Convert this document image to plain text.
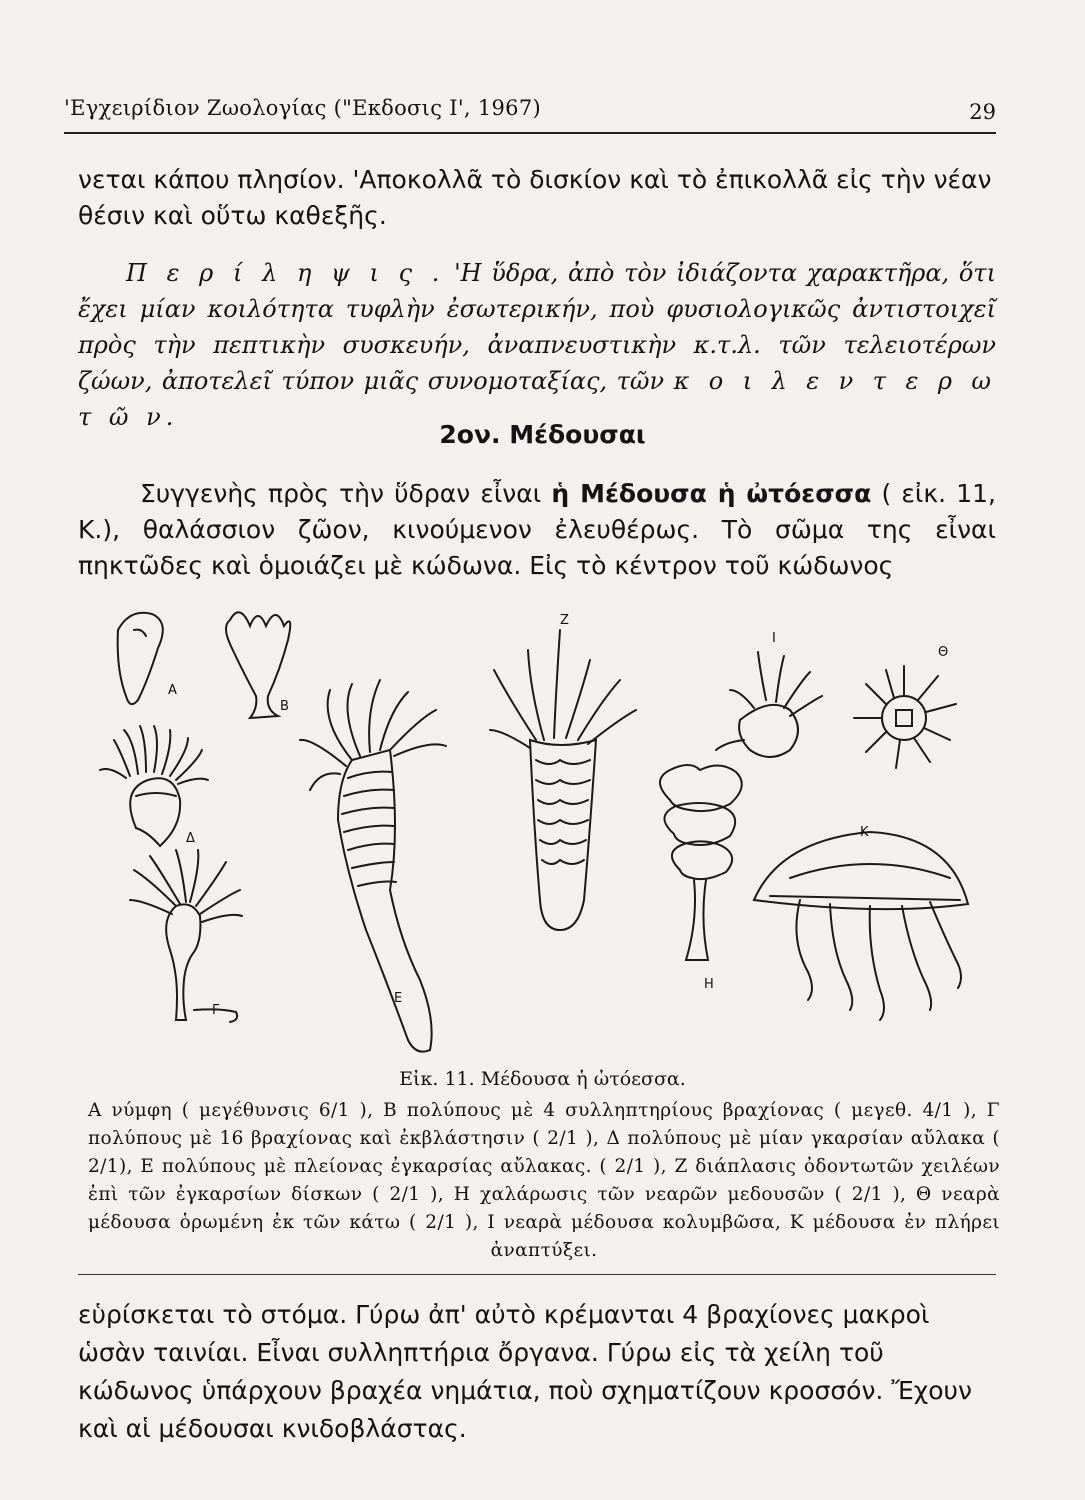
'Εγχειρίδιον Ζωολογίας ("Εκδοσις Ι', 1967)	29

νεται κάπου πλησίον. 'Αποκολλᾶ τὸ δισκίον καὶ τὸ ἐπικολλᾶ εἰς τὴν νέαν θέσιν καὶ οὕτω καθεξῆς.

Π ε ρ ί λ η ψ ι ς . 'Η ὕδρα, ἀπὸ τὸν ἰδιάζοντα χαρακτῆρα, ὅτι ἔχει μίαν κοιλότητα τυφλὴν ἐσωτερικήν, ποὺ φυσιολογικῶς ἀντιστοιχεῖ πρὸς τὴν πεπτικὴν συσκευήν, ἀναπνευστικὴν κ.τ.λ. τῶν τελειοτέρων ζώων, ἀποτελεῖ τύπον μιᾶς συνομοταξίας, τῶν κ ο ι λ ε ν τ ε ρ ω τ ῶ ν.

2ον. Μέδουσαι

Συγγενὴς πρὸς τὴν ὕδραν εἶναι ἡ Μέδουσα ἡ ὠτόεσσα ( εἰκ. 11, Κ.), θαλάσσιον ζῶον, κινούμενον ἐλευθέρως. Τὸ σῶμα της εἶναι πηκτῶδες καὶ ὁμοιάζει μὲ κώδωνα. Εἰς τὸ κέντρον τοῦ κώδωνος

Α
Β
Δ
Γ
Ε
Ζ
Η
Ι
Θ
Κ
Εἰκ. 11. Μέδουσα ἡ ὠτόεσσα.

Α νύμφη ( μεγέθυνσις 6/1 ), Β πολύπους μὲ 4 συλληπτηρίους βραχίονας ( μεγεθ. 4/1 ), Γ πολύπους μὲ 16 βραχίονας καὶ ἐκβλάστησιν ( 2/1 ), Δ πολύπους μὲ μίαν γκαρσίαν αὔλακα ( 2/1), Ε πολύπους μὲ πλείονας ἐγκαρσίας αὔλακας. ( 2/1 ), Ζ διάπλασις ὀδοντωτῶν χειλέων ἐπὶ τῶν ἐγκαρσίων δίσκων ( 2/1 ), Η χαλάρωσις τῶν νεαρῶν μεδουσῶν ( 2/1 ), Θ νεαρὰ μέδουσα ὁρωμένη ἐκ τῶν κάτω ( 2/1 ), Ι νεαρὰ μέδουσα κολυμβῶσα, Κ μέδουσα ἐν πλήρει ἀναπτύξει.

εὑρίσκεται τὸ στόμα. Γύρω ἀπ' αὐτὸ κρέμανται 4 βραχίονες μακροὶ ὡσὰν ταινίαι. Εἶναι συλληπτήρια ὄργανα. Γύρω εἰς τὰ χείλη τοῦ κώδωνος ὑπάρχουν βραχέα νημάτια, ποὺ σχηματίζουν κροσσόν. Ἔχουν καὶ αἱ μέδουσαι κνιδοβλάστας.
